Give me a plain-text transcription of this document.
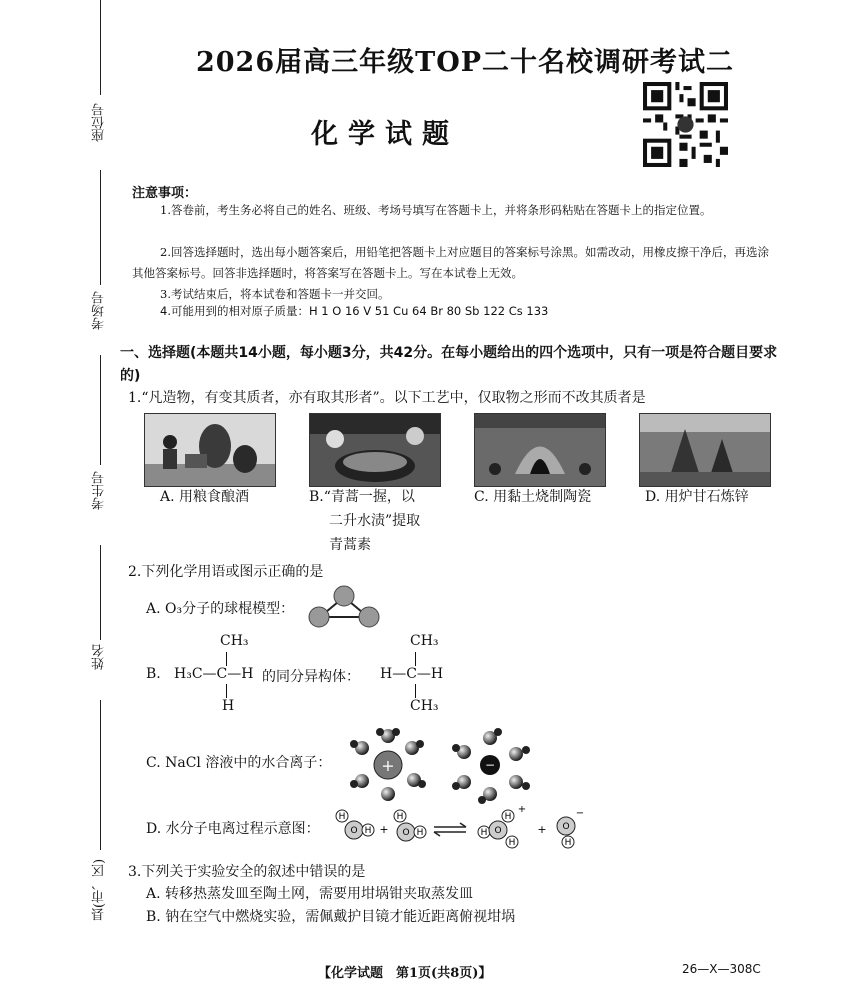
座位号
考场号
考生号
姓名
县(市、区)
2026届高三年级TOP二十名校调研考试二
化学试题
注意事项：
1.答卷前，考生务必将自己的姓名、班级、考场号填写在答题卡上，并将条形码粘贴在答题卡上的指定位置。
2.回答选择题时，选出每小题答案后，用铅笔把答题卡上对应题目的答案标号涂黑。如需改动，用橡皮擦干净后，再选涂其他答案标号。回答非选择题时，将答案写在答题卡上。写在本试卷上无效。
3.考试结束后，将本试卷和答题卡一并交回。
4.可能用到的相对原子质量：H 1 O 16 V 51 Cu 64 Br 80 Sb 122 Cs 133
一、选择题(本题共14小题，每小题3分，共42分。在每小题给出的四个选项中，只有一项是符合题目要求的)
1.“凡造物，有变其质者，亦有取其形者”。以下工艺中，仅取物之形而不改其质者是
A. 用粮食酿酒	B.“青蒿一握，以
二升水渍”提取
青蒿素
C. 用黏土烧制陶瓷	D. 用炉甘石炼锌
2.下列化学用语或图示正确的是
A. O₃分子的球棍模型：
CH₃
B. H₃C—C—H 的同分异构体：
H
CH₃
H—C—H
CH₃
C. NaCl 溶液中的水合离子：	+	−
D. 水分子电离过程示意图：
H
O H +
H
O H	H O
H
H
+
+ O
H
−
3.下列关于实验安全的叙述中错误的是
A. 转移热蒸发皿至陶土网，需要用坩埚钳夹取蒸发皿
B. 钠在空气中燃烧实验，需佩戴护目镜才能近距离俯视坩埚
【化学试题　第1页(共8页)】	26—X—308C
